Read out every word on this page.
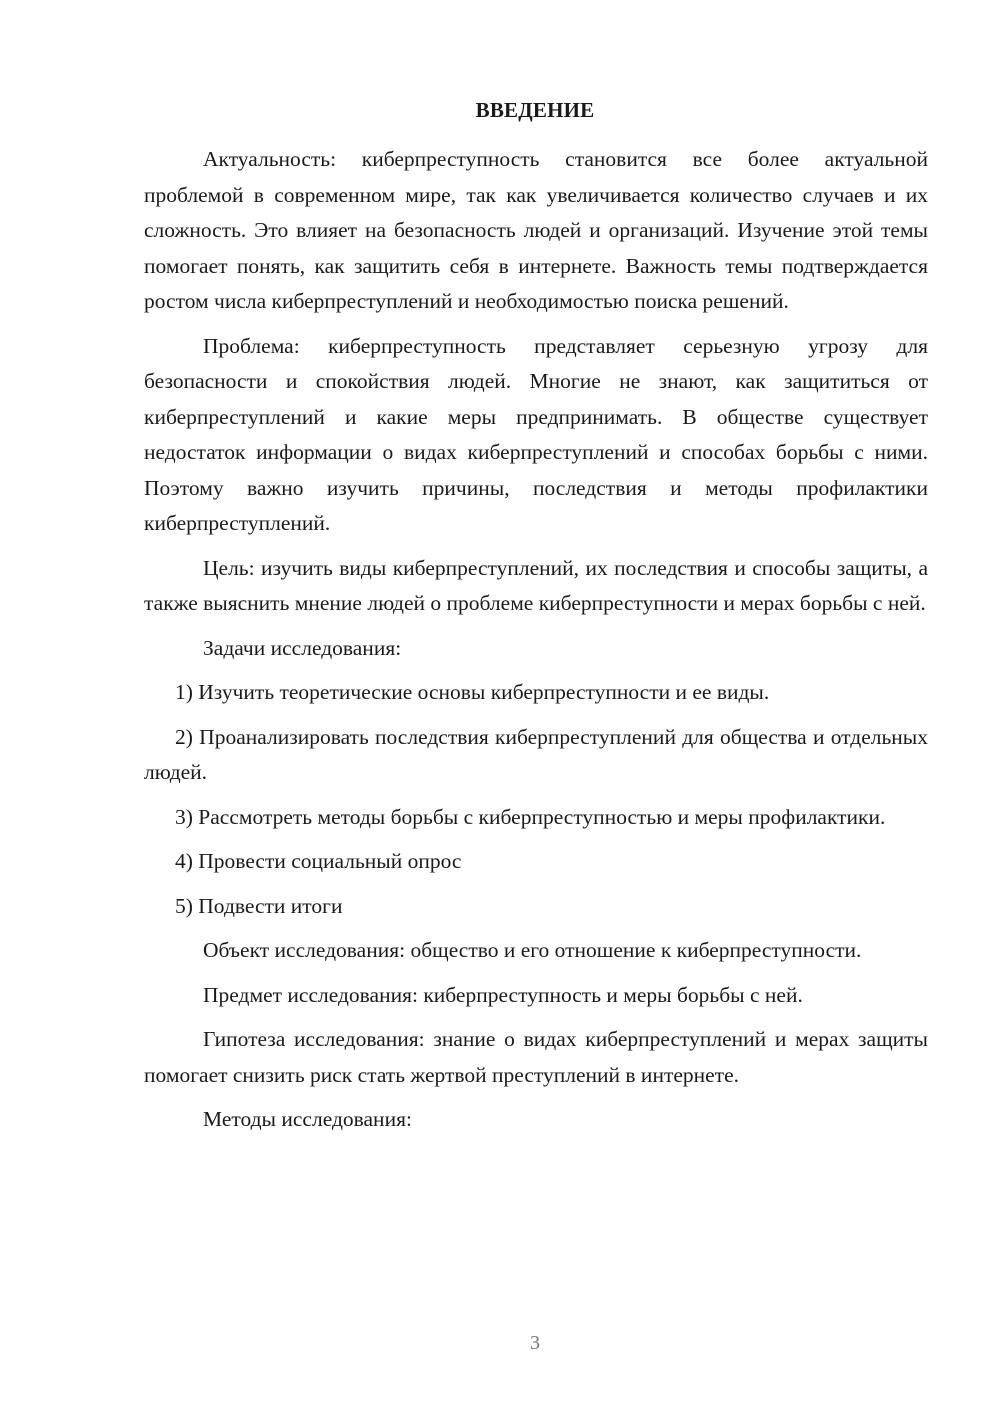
ВВЕДЕНИЕ

Актуальность: киберпреступность становится все более актуальной проблемой в современном мире, так как увеличивается количество случаев и их сложность. Это влияет на безопасность людей и организаций. Изучение этой темы помогает понять, как защитить себя в интернете. Важность темы подтверждается ростом числа киберпреступлений и необходимостью поиска решений.

Проблема: киберпреступность представляет серьезную угрозу для безопасности и спокойствия людей. Многие не знают, как защититься от киберпреступлений и какие меры предпринимать. В обществе существует недостаток информации о видах киберпреступлений и способах борьбы с ними. Поэтому важно изучить причины, последствия и методы профилактики киберпреступлений.

Цель: изучить виды киберпреступлений, их последствия и способы защиты, а также выяснить мнение людей о проблеме киберпреступности и мерах борьбы с ней.

Задачи исследования:

1) Изучить теоретические основы киберпреступности и ее виды.

2) Проанализировать последствия киберпреступлений для общества и отдельных людей.

3) Рассмотреть методы борьбы с киберпреступностью и меры профилактики.

4) Провести социальный опрос

5) Подвести итоги

Объект исследования: общество и его отношение к киберпреступности.

Предмет исследования: киберпреступность и меры борьбы с ней.

Гипотеза исследования: знание о видах киберпреступлений и мерах защиты помогает снизить риск стать жертвой преступлений в интернете.

Методы исследования:

3
